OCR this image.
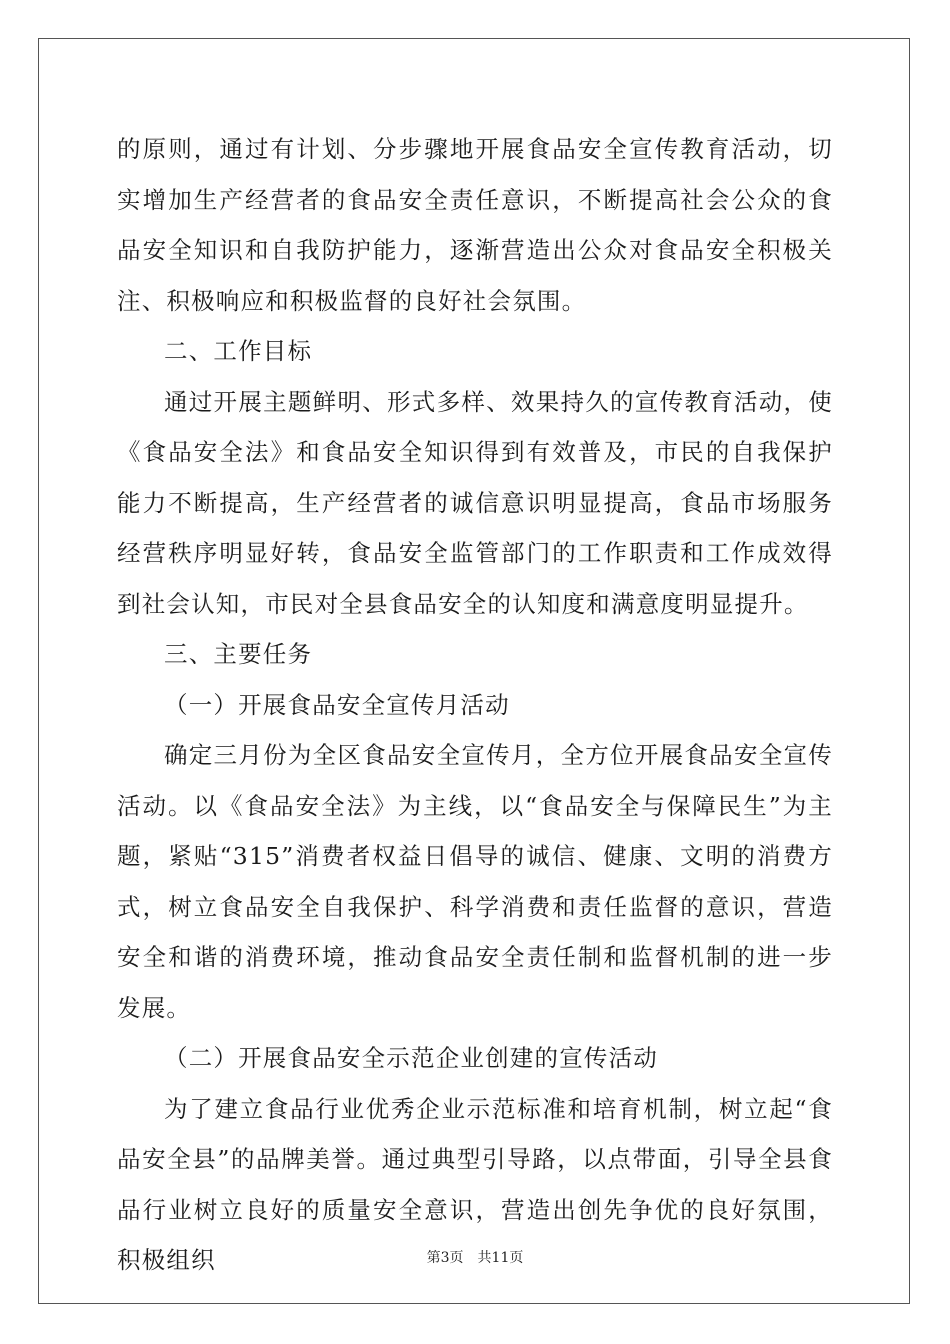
的原则，通过有计划、分步骤地开展食品安全宣传教育活动，切实增加生产经营者的食品安全责任意识，不断提高社会公众的食品安全知识和自我防护能力，逐渐营造出公众对食品安全积极关注、积极响应和积极监督的良好社会氛围。

二、工作目标

通过开展主题鲜明、形式多样、效果持久的宣传教育活动，使《食品安全法》和食品安全知识得到有效普及，市民的自我保护能力不断提高，生产经营者的诚信意识明显提高，食品市场服务经营秩序明显好转，食品安全监管部门的工作职责和工作成效得到社会认知，市民对全县食品安全的认知度和满意度明显提升。

三、主要任务

（一）开展食品安全宣传月活动

确定三月份为全区食品安全宣传月，全方位开展食品安全宣传活动。以《食品安全法》为主线，以“食品安全与保障民生”为主题，紧贴“315”消费者权益日倡导的诚信、健康、文明的消费方式，树立食品安全自我保护、科学消费和责任监督的意识，营造安全和谐的消费环境，推动食品安全责任制和监督机制的进一步发展。

（二）开展食品安全示范企业创建的宣传活动

为了建立食品行业优秀企业示范标准和培育机制，树立起“食品安全县”的品牌美誉。通过典型引导路，以点带面，引导全县食品行业树立良好的质量安全意识，营造出创先争优的良好氛围，积极组织	第3页 共11页
